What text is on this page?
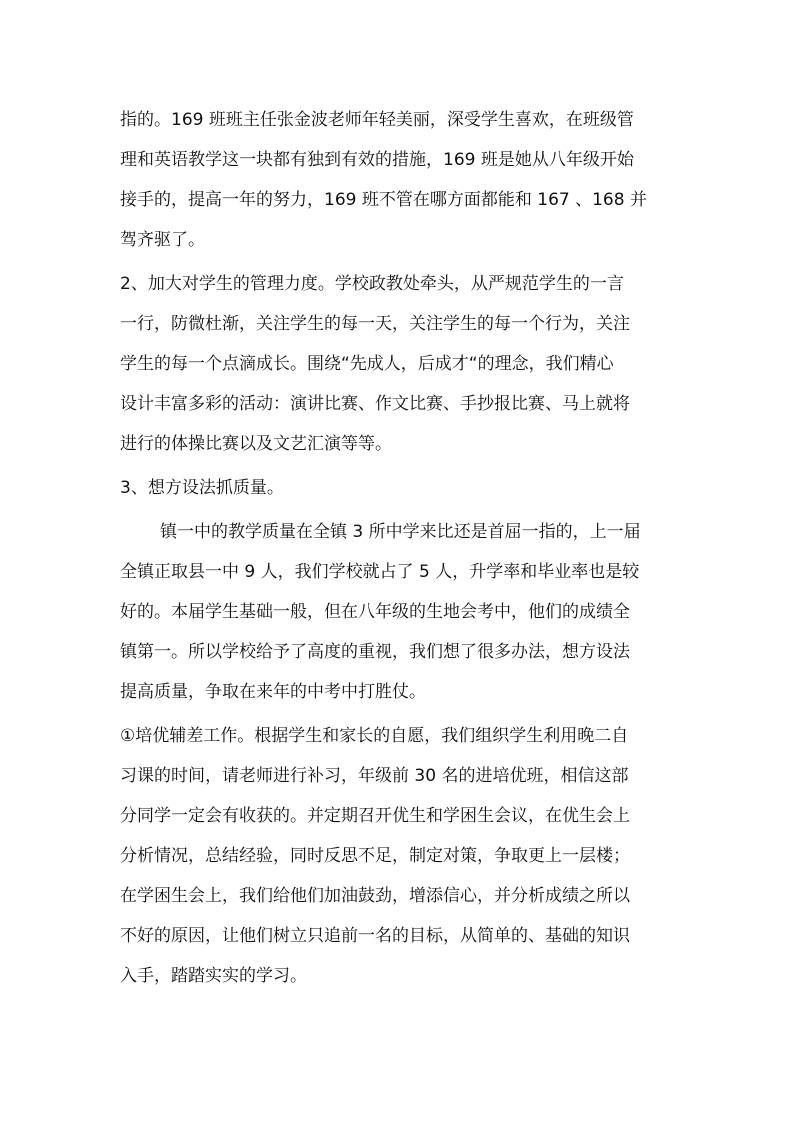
指的。169 班班主任张金波老师年轻美丽，深受学生喜欢，在班级管
理和英语教学这一块都有独到有效的措施，169 班是她从八年级开始
接手的，提高一年的努力，169 班不管在哪方面都能和 167 、168 并
驾齐驱了。
2、加大对学生的管理力度。学校政教处牵头，从严规范学生的一言
一行，防微杜渐，关注学生的每一天，关注学生的每一个行为，关注
学生的每一个点滴成长。围绕“先成人，后成才“的理念，我们精心
设计丰富多彩的活动：演讲比赛、作文比赛、手抄报比赛、马上就将
进行的体操比赛以及文艺汇演等等。
3、想方设法抓质量。
镇一中的教学质量在全镇 3 所中学来比还是首屈一指的，上一届
全镇正取县一中 9 人，我们学校就占了 5 人，升学率和毕业率也是较
好的。本届学生基础一般，但在八年级的生地会考中，他们的成绩全
镇第一。所以学校给予了高度的重视，我们想了很多办法，想方设法
提高质量，争取在来年的中考中打胜仗。
①培优辅差工作。根据学生和家长的自愿，我们组织学生利用晚二自
习课的时间，请老师进行补习，年级前 30 名的进培优班，相信这部
分同学一定会有收获的。并定期召开优生和学困生会议，在优生会上
分析情况，总结经验，同时反思不足，制定对策，争取更上一层楼；
在学困生会上，我们给他们加油鼓劲，增添信心，并分析成绩之所以
不好的原因，让他们树立只追前一名的目标，从简单的、基础的知识
入手，踏踏实实的学习。
